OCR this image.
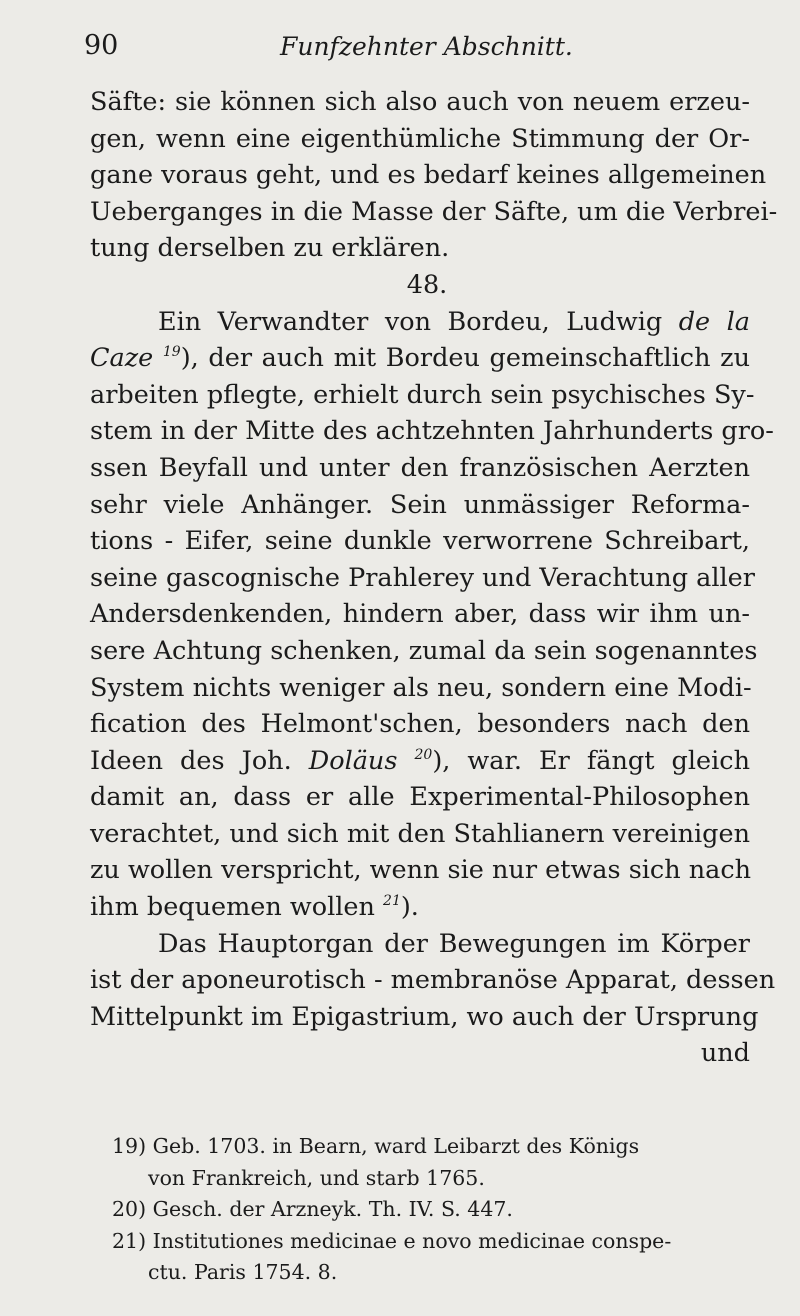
90	Funfzehnter Abschnitt.
Säfte: sie können sich also auch von neuem erzeu-
gen, wenn eine eigenthümliche Stimmung der Or-
gane voraus geht, und es bedarf keines allgemeinen
Ueberganges in die Masse der Säfte, um die Verbrei-
tung derselben zu erklären.
48.
Ein Verwandter von Bordeu, Ludwig de la
Caze $^{19}$), der auch mit Bordeu gemeinschaftlich zu
arbeiten pflegte, erhielt durch sein psychisches Sy-
stem in der Mitte des achtzehnten Jahrhunderts gro-
ssen Beyfall und unter den französischen Aerzten
sehr viele Anhänger. Sein unmässiger Reforma-
tions - Eifer, seine dunkle verworrene Schreibart,
seine gascognische Prahlerey und Verachtung aller
Andersdenkenden, hindern aber, dass wir ihm un-
sere Achtung schenken, zumal da sein sogenanntes
System nichts weniger als neu, sondern eine Modi-
fication des Helmont'schen, besonders nach den
Ideen des Joh. Doläus $^{20}$), war. Er fängt gleich
damit an, dass er alle Experimental-Philosophen
verachtet, und sich mit den Stahlianern vereinigen
zu wollen verspricht, wenn sie nur etwas sich nach
ihm bequemen wollen $^{21}$).
Das Hauptorgan der Bewegungen im Körper
ist der aponeurotisch - membranöse Apparat, dessen
Mittelpunkt im Epigastrium, wo auch der Ursprung
und
19) Geb. 1703. in Bearn, ward Leibarzt des Königs
von Frankreich, und starb 1765.
20) Gesch. der Arzneyk. Th. IV. S. 447.
21) Institutiones medicinae e novo medicinae conspe-
ctu. Paris 1754. 8.
